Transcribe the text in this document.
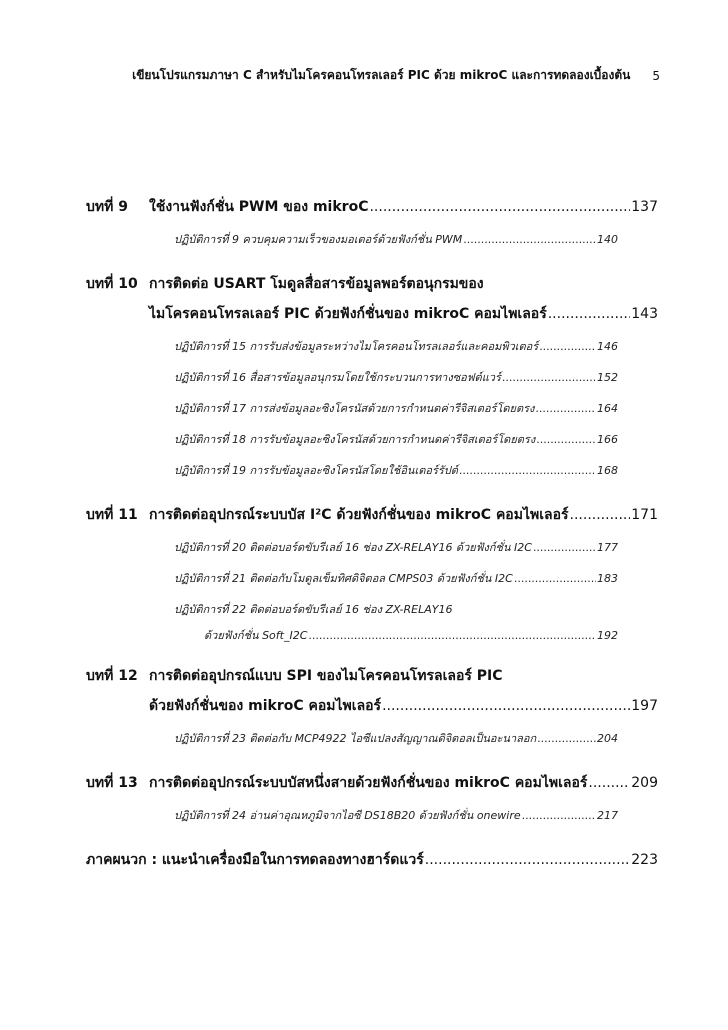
เขียนโปรแกรมภาษา C สำหรับไมโครคอนโทรลเลอร์ PIC ด้วย mikroC และการทดลองเบื้องต้น 5
บทที่ 9	ใช้งานฟังก์ชั่น PWM ของ mikroC .....	137
ปฏิบัติการที่ 9 ควบคุมความเร็วของมอเตอร์ด้วยฟังก์ชั่น PWM .....	140
บทที่ 10 การติดต่อ USART โมดูลสื่อสารข้อมูลพอร์ตอนุกรมของ
ไมโครคอนโทรลเลอร์ PIC ด้วยฟังก์ชั่นของ mikroC คอมไพเลอร์ .....	143
ปฏิบัติการที่ 15 การรับส่งข้อมูลระหว่างไมโครคอนโทรลเลอร์และคอมพิวเตอร์ .....	146
ปฏิบัติการที่ 16 สื่อสารข้อมูลอนุกรมโดยใช้กระบวนการทางซอฟต์แวร์ .....	152
ปฏิบัติการที่ 17 การส่งข้อมูลอะซิงโครนัสด้วยการกำหนดค่ารีจิสเตอร์โดยตรง .....	164
ปฏิบัติการที่ 18 การรับข้อมูลอะซิงโครนัสด้วยการกำหนดค่ารีจิสเตอร์โดยตรง .....	166
ปฏิบัติการที่ 19 การรับข้อมูลอะซิงโครนัสโดยใช้อินเตอร์รัปต์ .....	168
บทที่ 11 การติดต่ออุปกรณ์ระบบบัส I²C ด้วยฟังก์ชั่นของ mikroC คอมไพเลอร์ .....	171
ปฏิบัติการที่ 20 ติดต่อบอร์ดขับรีเลย์ 16 ช่อง ZX-RELAY16 ด้วยฟังก์ชั่น I2C .....	177
ปฏิบัติการที่ 21 ติดต่อกับโมดูลเข็มทิศดิจิตอล CMPS03 ด้วยฟังก์ชั่น I2C .....	183
ปฏิบัติการที่ 22 ติดต่อบอร์ดขับรีเลย์ 16 ช่อง ZX-RELAY16
ด้วยฟังก์ชั่น Soft_I2C .....	192
บทที่ 12 การติดต่ออุปกรณ์แบบ SPI ของไมโครคอนโทรลเลอร์ PIC
ด้วยฟังก์ชั่นของ mikroC คอมไพเลอร์ .....	197
ปฏิบัติการที่ 23 ติดต่อกับ MCP4922 ไอซีแปลงสัญญาณดิจิตอลเป็นอะนาลอก .....	204
บทที่ 13 การติดต่ออุปกรณ์ระบบบัสหนึ่งสายด้วยฟังก์ชั่นของ mikroC คอมไพเลอร์ .....	209
ปฏิบัติการที่ 24 อ่านค่าอุณหภูมิจากไอซี DS18B20 ด้วยฟังก์ชั่น onewire .....	217
ภาคผนวก : แนะนำเครื่องมือในการทดลองทางฮาร์ดแวร์ .....	223
